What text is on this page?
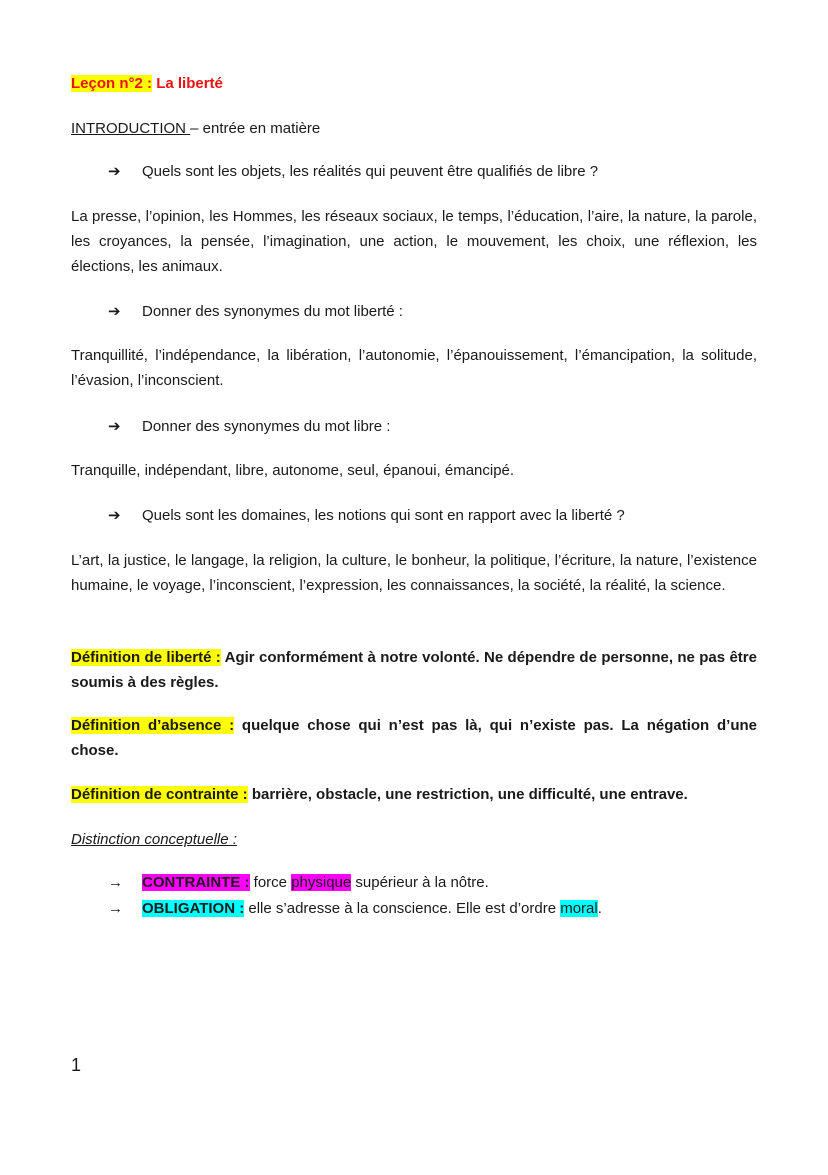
Leçon n°2 : La liberté
INTRODUCTION – entrée en matière
➔ Quels sont les objets, les réalités qui peuvent être qualifiés de libre ?
La presse, l’opinion, les Hommes, les réseaux sociaux, le temps, l’éducation, l’aire, la nature, la parole, les croyances, la pensée, l’imagination, une action, le mouvement, les choix, une réflexion, les élections, les animaux.
➔ Donner des synonymes du mot liberté :
Tranquillité, l’indépendance, la libération, l’autonomie, l’épanouissement, l’émancipation, la solitude, l’évasion, l’inconscient.
➔ Donner des synonymes du mot libre :
Tranquille, indépendant, libre, autonome, seul, épanoui, émancipé.
➔ Quels sont les domaines, les notions qui sont en rapport avec la liberté ?
L’art, la justice, le langage, la religion, la culture, le bonheur, la politique, l’écriture, la nature, l’existence humaine, le voyage, l’inconscient, l’expression, les connaissances, la société, la réalité, la science.
Définition de liberté : Agir conformément à notre volonté. Ne dépendre de personne, ne pas être soumis à des règles.
Définition d’absence : quelque chose qui n’est pas là, qui n’existe pas. La négation d’une chose.
Définition de contrainte : barrière, obstacle, une restriction, une difficulté, une entrave.
Distinction conceptuelle :
→ CONTRAINTE : force physique supérieur à la nôtre.
→ OBLIGATION : elle s’adresse à la conscience. Elle est d’ordre moral.
1
